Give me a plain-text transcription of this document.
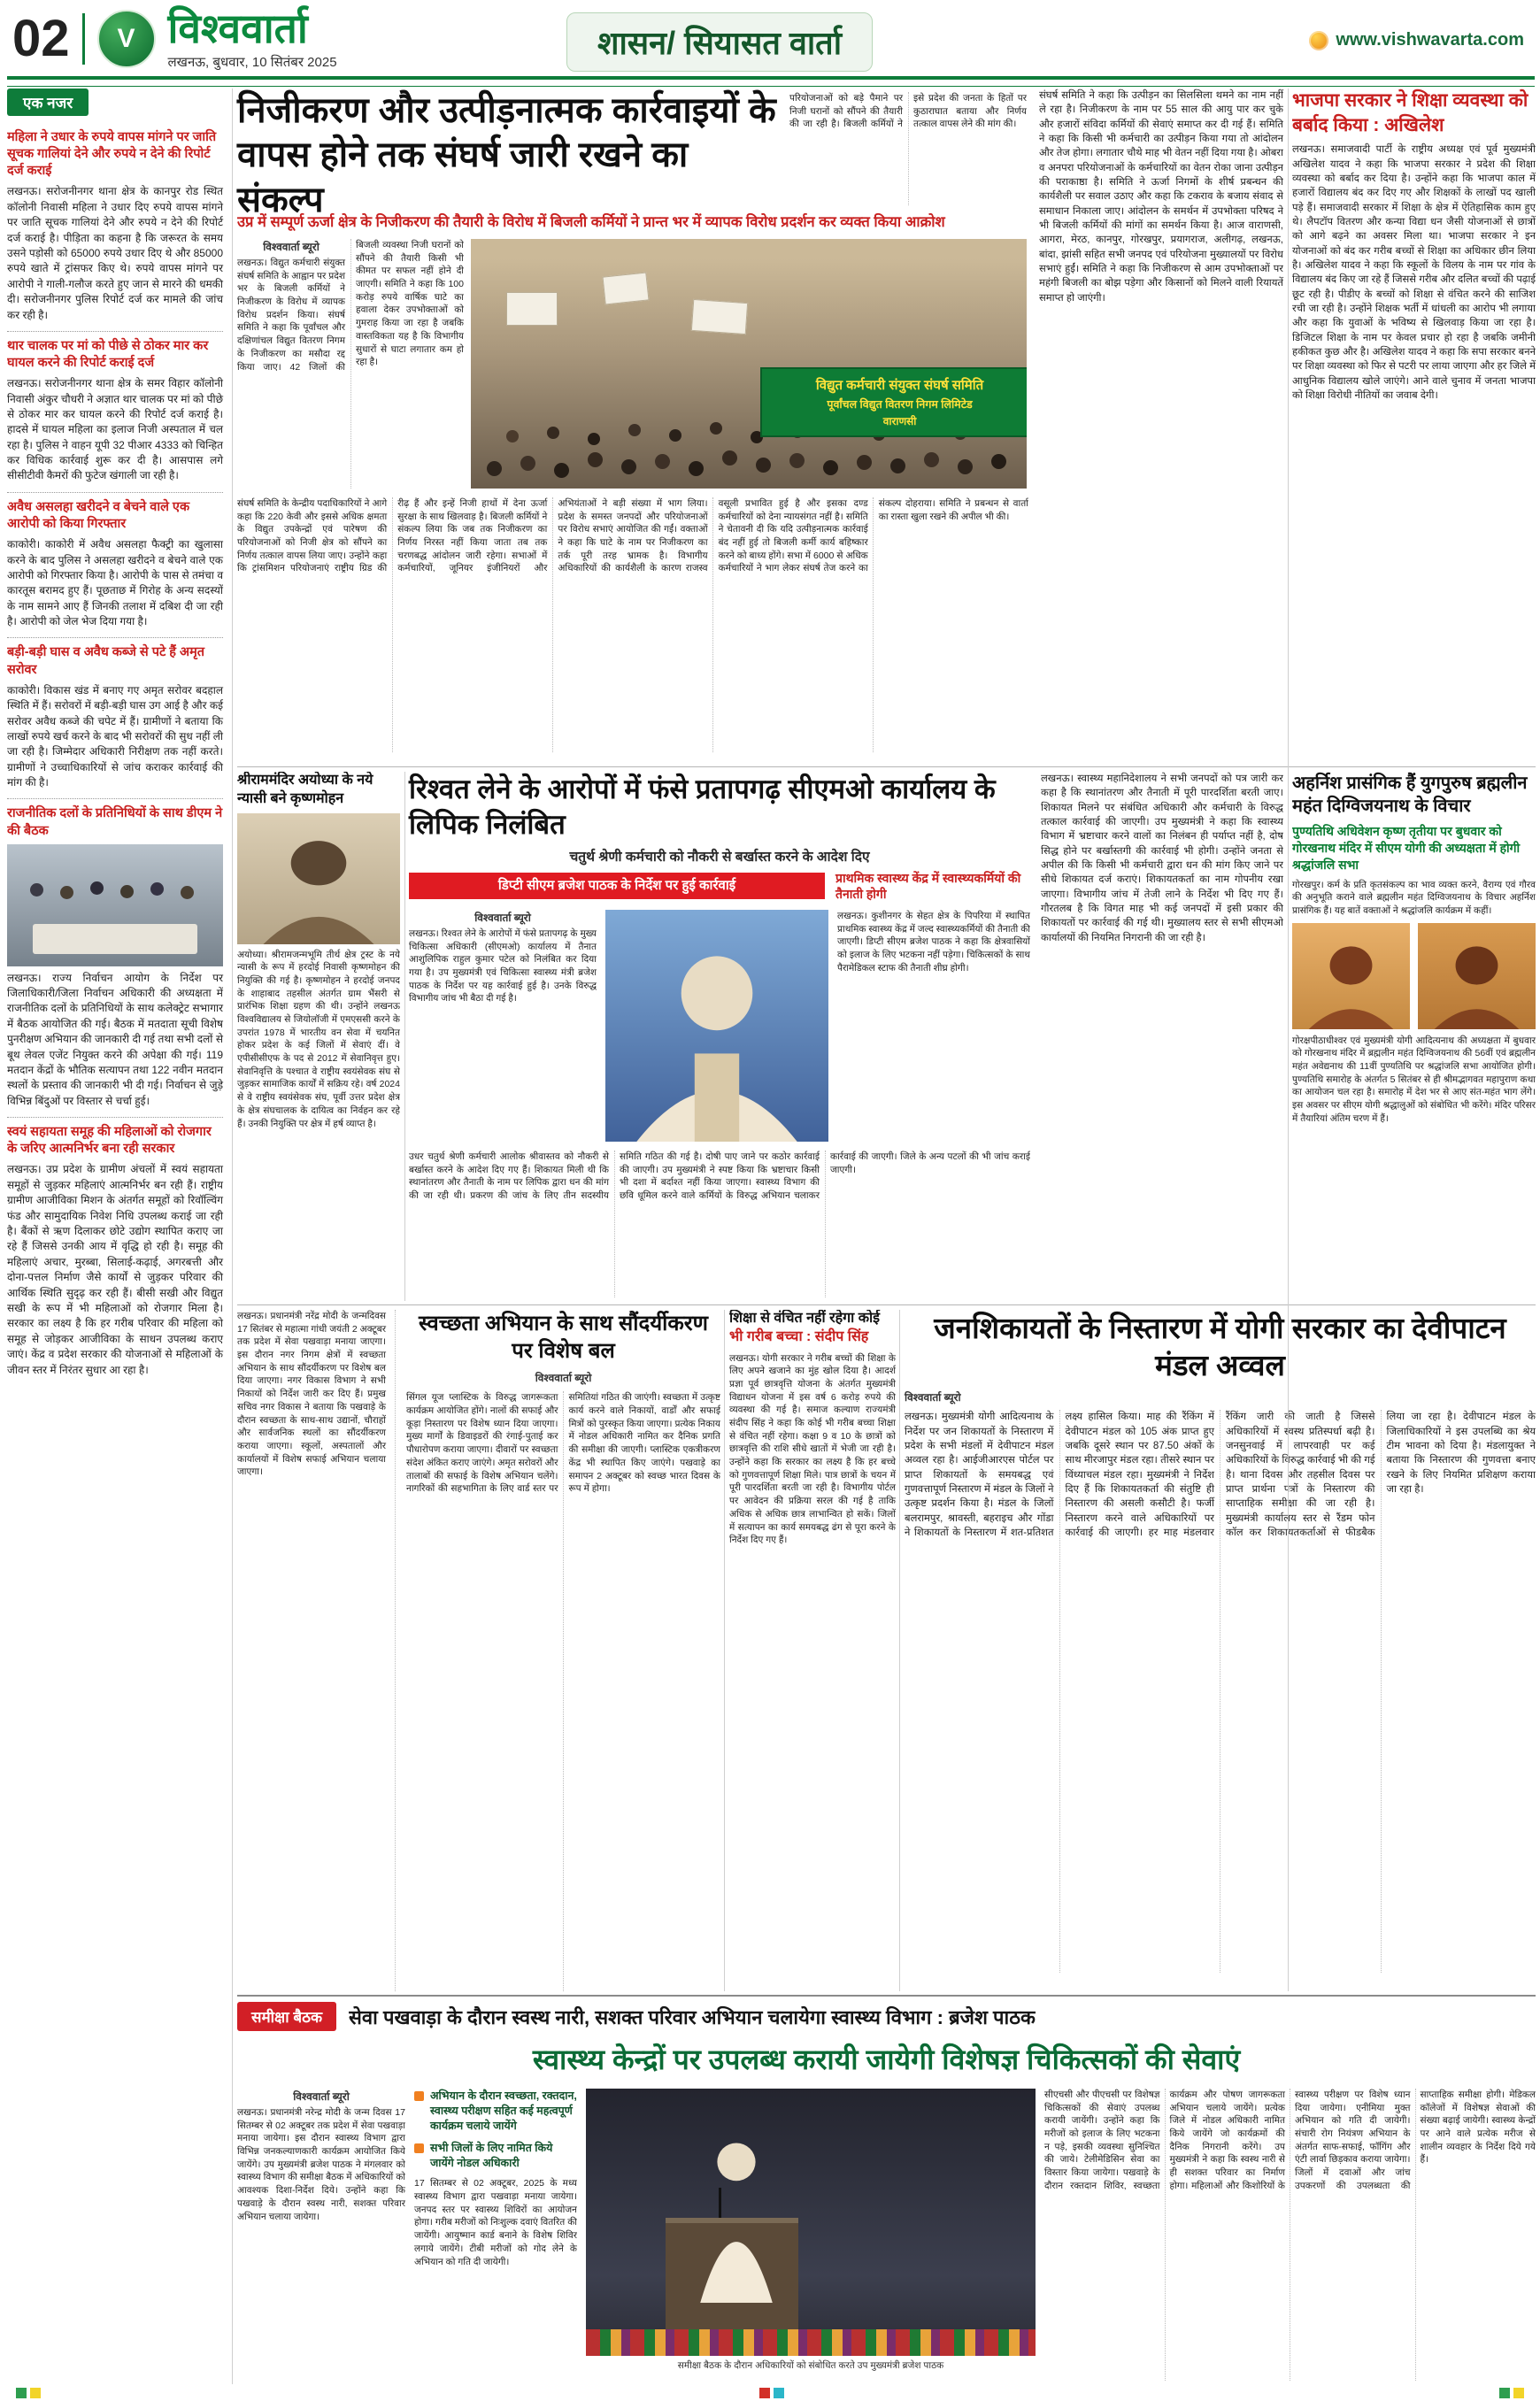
02	V विश्ववार्ता
लखनऊ, बुधवार, 10 सितंबर 2025
शासन/ सियासत वार्ता	www.vishwavarta.com
एक नजर
महिला ने उधार के रुपये वापस मांगने पर जाति सूचक गालियां देने और रुपये न देने की रिपोर्ट दर्ज कराई
लखनऊ। सरोजनीनगर थाना क्षेत्र के कानपुर रोड स्थित कॉलोनी निवासी महिला ने उधार दिए रुपये वापस मांगने पर जाति सूचक गालियां देने और रुपये न देने की रिपोर्ट दर्ज कराई है। पीड़िता का कहना है कि जरूरत के समय उसने पड़ोसी को 65000 रुपये उधार दिए थे और 85000 रुपये खाते में ट्रांसफर किए थे। रुपये वापस मांगने पर आरोपी ने गाली-गलौज करते हुए जान से मारने की धमकी दी। सरोजनीनगर पुलिस रिपोर्ट दर्ज कर मामले की जांच कर रही है।
थार चालक पर मां को पीछे से ठोकर मार कर घायल करने की रिपोर्ट कराई दर्ज
लखनऊ। सरोजनीनगर थाना क्षेत्र के समर विहार कॉलोनी निवासी अंकुर चौधरी ने अज्ञात थार चालक पर मां को पीछे से ठोकर मार कर घायल करने की रिपोर्ट दर्ज कराई है। हादसे में घायल महिला का इलाज निजी अस्पताल में चल रहा है। पुलिस ने वाहन यूपी 32 पीआर 4333 को चिन्हित कर विधिक कार्रवाई शुरू कर दी है। आसपास लगे सीसीटीवी कैमरों की फुटेज खंगाली जा रही है।
अवैध असलहा खरीदने व बेचने वाले एक आरोपी को किया गिरफ्तार
काकोरी। काकोरी में अवैध असलहा फैक्ट्री का खुलासा करने के बाद पुलिस ने असलहा खरीदने व बेचने वाले एक आरोपी को गिरफ्तार किया है। आरोपी के पास से तमंचा व कारतूस बरामद हुए हैं। पूछताछ में गिरोह के अन्य सदस्यों के नाम सामने आए हैं जिनकी तलाश में दबिश दी जा रही है। आरोपी को जेल भेज दिया गया है।
बड़ी-बड़ी घास व अवैध कब्जे से पटे हैं अमृत सरोवर
काकोरी। विकास खंड में बनाए गए अमृत सरोवर बदहाल स्थिति में हैं। सरोवरों में बड़ी-बड़ी घास उग आई है और कई सरोवर अवैध कब्जे की चपेट में हैं। ग्रामीणों ने बताया कि लाखों रुपये खर्च करने के बाद भी सरोवरों की सुध नहीं ली जा रही है। जिम्मेदार अधिकारी निरीक्षण तक नहीं करते। ग्रामीणों ने उच्चाधिकारियों से जांच कराकर कार्रवाई की मांग की है।
राजनीतिक दलों के प्रतिनिधियों के साथ डीएम ने की बैठक
लखनऊ। राज्य निर्वाचन आयोग के निर्देश पर जिलाधिकारी/जिला निर्वाचन अधिकारी की अध्यक्षता में राजनीतिक दलों के प्रतिनिधियों के साथ कलेक्ट्रेट सभागार में बैठक आयोजित की गई। बैठक में मतदाता सूची विशेष पुनरीक्षण अभियान की जानकारी दी गई तथा सभी दलों से बूथ लेवल एजेंट नियुक्त करने की अपेक्षा की गई। 119 मतदान केंद्रों के भौतिक सत्यापन तथा 122 नवीन मतदान स्थलों के प्रस्ताव की जानकारी भी दी गई। निर्वाचन से जुड़े विभिन्न बिंदुओं पर विस्तार से चर्चा हुई।
स्वयं सहायता समूह की महिलाओं को रोजगार के जरिए आत्मनिर्भर बना रही सरकार
लखनऊ। उप्र प्रदेश के ग्रामीण अंचलों में स्वयं सहायता समूहों से जुड़कर महिलाएं आत्मनिर्भर बन रही हैं। राष्ट्रीय ग्रामीण आजीविका मिशन के अंतर्गत समूहों को रिवॉल्विंग फंड और सामुदायिक निवेश निधि उपलब्ध कराई जा रही है। बैंकों से ऋण दिलाकर छोटे उद्योग स्थापित कराए जा रहे हैं जिससे उनकी आय में वृद्धि हो रही है। समूह की महिलाएं अचार, मुरब्बा, सिलाई-कढ़ाई, अगरबत्ती और दोना-पत्तल निर्माण जैसे कार्यों से जुड़कर परिवार की आर्थिक स्थिति सुदृढ़ कर रही हैं। बीसी सखी और विद्युत सखी के रूप में भी महिलाओं को रोजगार मिला है। सरकार का लक्ष्य है कि हर गरीब परिवार की महिला को समूह से जोड़कर आजीविका के साधन उपलब्ध कराए जाएं। केंद्र व प्रदेश सरकार की योजनाओं से महिलाओं के जीवन स्तर में निरंतर सुधार आ रहा है।
निजीकरण और उत्पीड़नात्मक कार्रवाइयों के वापस होने तक संघर्ष जारी रखने का संकल्प
परियोजनाओं को बड़े पैमाने पर निजी घरानों को सौंपने की तैयारी की जा रही है। बिजली कर्मियों ने इसे प्रदेश की जनता के हितों पर कुठाराघात बताया और निर्णय तत्काल वापस लेने की मांग की।
संघर्ष समिति ने कहा कि उत्पीड़न का सिलसिला थमने का नाम नहीं ले रहा है। निजीकरण के नाम पर 55 साल की आयु पार कर चुके और हजारों संविदा कर्मियों की सेवाएं समाप्त कर दी गई हैं। समिति ने कहा कि किसी भी कर्मचारी का उत्पीड़न किया गया तो आंदोलन और तेज होगा। लगातार चौथे माह भी वेतन नहीं दिया गया है। ओबरा व अनपरा परियोजनाओं के कर्मचारियों का वेतन रोका जाना उत्पीड़न की पराकाष्ठा है। समिति ने ऊर्जा निगमों के शीर्ष प्रबन्धन की कार्यशैली पर सवाल उठाए और कहा कि टकराव के बजाय संवाद से समाधान निकाला जाए। आंदोलन के समर्थन में उपभोक्ता परिषद ने भी बिजली कर्मियों की मांगों का समर्थन किया है। आज वाराणसी, आगरा, मेरठ, कानपुर, गोरखपुर, प्रयागराज, अलीगढ़, लखनऊ, बांदा, झांसी सहित सभी जनपद एवं परियोजना मुख्यालयों पर विरोध सभाएं हुईं। समिति ने कहा कि निजीकरण से आम उपभोक्ताओं पर महंगी बिजली का बोझ पड़ेगा और किसानों को मिलने वाली रियायतें समाप्त हो जाएंगी।
उप्र में सम्पूर्ण ऊर्जा क्षेत्र के निजीकरण की तैयारी के विरोध में बिजली कर्मियों ने प्रान्त भर में व्यापक विरोध प्रदर्शन कर व्यक्त किया आक्रोश
विश्ववार्ता ब्यूरो
लखनऊ। विद्युत कर्मचारी संयुक्त संघर्ष समिति के आह्वान पर प्रदेश भर के बिजली कर्मियों ने निजीकरण के विरोध में व्यापक विरोध प्रदर्शन किया। संघर्ष समिति ने कहा कि पूर्वांचल और दक्षिणांचल विद्युत वितरण निगम के निजीकरण का मसौदा रद्द किया जाए। 42 जिलों की बिजली व्यवस्था निजी घरानों को सौंपने की तैयारी किसी भी कीमत पर सफल नहीं होने दी जाएगी। समिति ने कहा कि 100 करोड़ रुपये वार्षिक घाटे का हवाला देकर उपभोक्ताओं को गुमराह किया जा रहा है जबकि वास्तविकता यह है कि विभागीय सुधारों से घाटा लगातार कम हो रहा है।
विद्युत कर्मचारी संयुक्त संघर्ष समिति
पूर्वांचल विद्युत वितरण निगम लिमिटेड
वाराणसी
संघर्ष समिति के केन्द्रीय पदाधिकारियों ने आगे कहा कि 220 केवी और इससे अधिक क्षमता के विद्युत उपकेन्द्रों एवं पारेषण की परियोजनाओं को निजी क्षेत्र को सौंपने का निर्णय तत्काल वापस लिया जाए। उन्होंने कहा कि ट्रांसमिशन परियोजनाएं राष्ट्रीय ग्रिड की रीढ़ हैं और इन्हें निजी हाथों में देना ऊर्जा सुरक्षा के साथ खिलवाड़ है। बिजली कर्मियों ने संकल्प लिया कि जब तक निजीकरण का निर्णय निरस्त नहीं किया जाता तब तक चरणबद्ध आंदोलन जारी रहेगा। सभाओं में कर्मचारियों, जूनियर इंजीनियरों और अभियंताओं ने बड़ी संख्या में भाग लिया। प्रदेश के समस्त जनपदों और परियोजनाओं पर विरोध सभाएं आयोजित की गईं। वक्ताओं ने कहा कि घाटे के नाम पर निजीकरण का तर्क पूरी तरह भ्रामक है। विभागीय अधिकारियों की कार्यशैली के कारण राजस्व वसूली प्रभावित हुई है और इसका दण्ड कर्मचारियों को देना न्यायसंगत नहीं है। समिति ने चेतावनी दी कि यदि उत्पीड़नात्मक कार्रवाई बंद नहीं हुई तो बिजली कर्मी कार्य बहिष्कार करने को बाध्य होंगे। सभा में 6000 से अधिक कर्मचारियों ने भाग लेकर संघर्ष तेज करने का संकल्प दोहराया। समिति ने प्रबन्धन से वार्ता का रास्ता खुला रखने की अपील भी की।
भाजपा सरकार ने शिक्षा व्यवस्था को बर्बाद किया : अखिलेश
लखनऊ। समाजवादी पार्टी के राष्ट्रीय अध्यक्ष एवं पूर्व मुख्यमंत्री अखिलेश यादव ने कहा कि भाजपा सरकार ने प्रदेश की शिक्षा व्यवस्था को बर्बाद कर दिया है। उन्होंने कहा कि भाजपा काल में हजारों विद्यालय बंद कर दिए गए और शिक्षकों के लाखों पद खाली पड़े हैं। समाजवादी सरकार में शिक्षा के क्षेत्र में ऐतिहासिक काम हुए थे। लैपटॉप वितरण और कन्या विद्या धन जैसी योजनाओं से छात्रों को आगे बढ़ने का अवसर मिला था। भाजपा सरकार ने इन योजनाओं को बंद कर गरीब बच्चों से शिक्षा का अधिकार छीन लिया है। अखिलेश यादव ने कहा कि स्कूलों के विलय के नाम पर गांव के विद्यालय बंद किए जा रहे हैं जिससे गरीब और दलित बच्चों की पढ़ाई छूट रही है। पीडीए के बच्चों को शिक्षा से वंचित करने की साजिश रची जा रही है। उन्होंने शिक्षक भर्ती में धांधली का आरोप भी लगाया और कहा कि युवाओं के भविष्य से खिलवाड़ किया जा रहा है। डिजिटल शिक्षा के नाम पर केवल प्रचार हो रहा है जबकि जमीनी हकीकत कुछ और है। अखिलेश यादव ने कहा कि सपा सरकार बनने पर शिक्षा व्यवस्था को फिर से पटरी पर लाया जाएगा और हर जिले में आधुनिक विद्यालय खोले जाएंगे। आने वाले चुनाव में जनता भाजपा को शिक्षा विरोधी नीतियों का जवाब देगी।
श्रीराममंदिर अयोध्या के नये न्यासी बने कृष्णमोहन
अयोध्या। श्रीरामजन्मभूमि तीर्थ क्षेत्र ट्रस्ट के नये न्यासी के रूप में हरदोई निवासी कृष्णमोहन की नियुक्ति की गई है। कृष्णमोहन ने हरदोई जनपद के शाहाबाद तहसील अंतर्गत ग्राम भैंसरी से प्रारंभिक शिक्षा ग्रहण की थी। उन्होंने लखनऊ विश्वविद्यालय से जियोलॉजी में एमएससी करने के उपरांत 1978 में भारतीय वन सेवा में चयनित होकर प्रदेश के कई जिलों में सेवाएं दीं। वे एपीसीसीएफ के पद से 2012 में सेवानिवृत्त हुए। सेवानिवृत्ति के पश्चात वे राष्ट्रीय स्वयंसेवक संघ से जुड़कर सामाजिक कार्यों में सक्रिय रहे। वर्ष 2024 से वे राष्ट्रीय स्वयंसेवक संघ, पूर्वी उत्तर प्रदेश क्षेत्र के क्षेत्र संघचालक के दायित्व का निर्वहन कर रहे हैं। उनकी नियुक्ति पर क्षेत्र में हर्ष व्याप्त है।
रिश्वत लेने के आरोपों में फंसे प्रतापगढ़ सीएमओ कार्यालय के लिपिक निलंबित
लखनऊ। स्वास्थ्य महानिदेशालय ने सभी जनपदों को पत्र जारी कर कहा है कि स्थानांतरण और तैनाती में पूरी पारदर्शिता बरती जाए। शिकायत मिलने पर संबंधित अधिकारी और कर्मचारी के विरुद्ध तत्काल कार्रवाई की जाएगी। उप मुख्यमंत्री ने कहा कि स्वास्थ्य विभाग में भ्रष्टाचार करने वालों का निलंबन ही पर्याप्त नहीं है, दोष सिद्ध होने पर बर्खास्तगी की कार्रवाई भी होगी। उन्होंने जनता से अपील की कि किसी भी कर्मचारी द्वारा धन की मांग किए जाने पर सीधे शिकायत दर्ज कराएं। शिकायतकर्ता का नाम गोपनीय रखा जाएगा। विभागीय जांच में तेजी लाने के निर्देश भी दिए गए हैं। गौरतलब है कि विगत माह भी कई जनपदों में इसी प्रकार की शिकायतों पर कार्रवाई की गई थी। मुख्यालय स्तर से सभी सीएमओ कार्यालयों की नियमित निगरानी की जा रही है।
चतुर्थ श्रेणी कर्मचारी को नौकरी से बर्खास्त करने के आदेश दिए
डिप्टी सीएम ब्रजेश पाठक के निर्देश पर हुई कार्रवाई	प्राथमिक स्वास्थ्य केंद्र में स्वास्थ्यकर्मियों की तैनाती होगी
विश्ववार्ता ब्यूरो
लखनऊ। रिश्वत लेने के आरोपों में फंसे प्रतापगढ़ के मुख्य चिकित्सा अधिकारी (सीएमओ) कार्यालय में तैनात आशुलिपिक राहुल कुमार पटेल को निलंबित कर दिया गया है। उप मुख्यमंत्री एवं चिकित्सा स्वास्थ्य मंत्री ब्रजेश पाठक के निर्देश पर यह कार्रवाई हुई है। उनके विरुद्ध विभागीय जांच भी बैठा दी गई है।
लखनऊ। कुशीनगर के सेहत क्षेत्र के पिपरिया में स्थापित प्राथमिक स्वास्थ्य केंद्र में जल्द स्वास्थ्यकर्मियों की तैनाती की जाएगी। डिप्टी सीएम ब्रजेश पाठक ने कहा कि क्षेत्रवासियों को इलाज के लिए भटकना नहीं पड़ेगा। चिकित्सकों के साथ पैरामेडिकल स्टाफ की तैनाती शीघ्र होगी।
उधर चतुर्थ श्रेणी कर्मचारी आलोक श्रीवास्तव को नौकरी से बर्खास्त करने के आदेश दिए गए हैं। शिकायत मिली थी कि स्थानांतरण और तैनाती के नाम पर लिपिक द्वारा धन की मांग की जा रही थी। प्रकरण की जांच के लिए तीन सदस्यीय समिति गठित की गई है। दोषी पाए जाने पर कठोर कार्रवाई की जाएगी। उप मुख्यमंत्री ने स्पष्ट किया कि भ्रष्टाचार किसी भी दशा में बर्दाश्त नहीं किया जाएगा। स्वास्थ्य विभाग की छवि धूमिल करने वाले कर्मियों के विरुद्ध अभियान चलाकर कार्रवाई की जाएगी। जिले के अन्य पटलों की भी जांच कराई जाएगी।
अहर्निश प्रासंगिक हैं युगपुरुष ब्रह्मलीन महंत दिग्विजयनाथ के विचार
पुण्यतिथि अधिवेशन कृष्ण तृतीया पर बुधवार को गोरखनाथ मंदिर में सीएम योगी की अध्यक्षता में होगी श्रद्धांजलि सभा
गोरखपुर। कर्म के प्रति कृतसंकल्प का भाव व्यक्त करने, वैराग्य एवं गौरव की अनुभूति कराने वाले ब्रह्मलीन महंत दिग्विजयनाथ के विचार अहर्निश प्रासंगिक हैं। यह बातें वक्ताओं ने श्रद्धांजलि कार्यक्रम में कहीं।
गोरक्षपीठाधीश्वर एवं मुख्यमंत्री योगी आदित्यनाथ की अध्यक्षता में बुधवार को गोरखनाथ मंदिर में ब्रह्मलीन महंत दिग्विजयनाथ की 56वीं एवं ब्रह्मलीन महंत अवेद्यनाथ की 11वीं पुण्यतिथि पर श्रद्धांजलि सभा आयोजित होगी। पुण्यतिथि समारोह के अंतर्गत 5 सितंबर से ही श्रीमद्भागवत महापुराण कथा का आयोजन चल रहा है। समारोह में देश भर से आए संत-महंत भाग लेंगे। इस अवसर पर सीएम योगी श्रद्धालुओं को संबोधित भी करेंगे। मंदिर परिसर में तैयारियां अंतिम चरण में हैं।
लखनऊ। प्रधानमंत्री नरेंद्र मोदी के जन्मदिवस 17 सितंबर से महात्मा गांधी जयंती 2 अक्टूबर तक प्रदेश में सेवा पखवाड़ा मनाया जाएगा। इस दौरान नगर निगम क्षेत्रों में स्वच्छता अभियान के साथ सौंदर्यीकरण पर विशेष बल दिया जाएगा। नगर विकास विभाग ने सभी निकायों को निर्देश जारी कर दिए हैं। प्रमुख सचिव नगर विकास ने बताया कि पखवाड़े के दौरान स्वच्छता के साथ-साथ उद्यानों, चौराहों और सार्वजनिक स्थलों का सौंदर्यीकरण कराया जाएगा। स्कूलों, अस्पतालों और कार्यालयों में विशेष सफाई अभियान चलाया जाएगा।
स्वच्छता अभियान के साथ सौंदर्यीकरण पर विशेष बल
विश्ववार्ता ब्यूरो
सिंगल यूज प्लास्टिक के विरुद्ध जागरूकता कार्यक्रम आयोजित होंगे। नालों की सफाई और कूड़ा निस्तारण पर विशेष ध्यान दिया जाएगा। मुख्य मार्गों के डिवाइडरों की रंगाई-पुताई कर पौधारोपण कराया जाएगा। दीवारों पर स्वच्छता संदेश अंकित कराए जाएंगे। अमृत सरोवरों और तालाबों की सफाई के विशेष अभियान चलेंगे। नागरिकों की सहभागिता के लिए वार्ड स्तर पर समितियां गठित की जाएंगी। स्वच्छता में उत्कृष्ट कार्य करने वाले निकायों, वार्डों और सफाई मित्रों को पुरस्कृत किया जाएगा। प्रत्येक निकाय में नोडल अधिकारी नामित कर दैनिक प्रगति की समीक्षा की जाएगी। प्लास्टिक एकत्रीकरण केंद्र भी स्थापित किए जाएंगे। पखवाड़े का समापन 2 अक्टूबर को स्वच्छ भारत दिवस के रूप में होगा।
शिक्षा से वंचित नहीं रहेगा कोई
भी गरीब बच्चा : संदीप सिंह
लखनऊ। योगी सरकार ने गरीब बच्चों की शिक्षा के लिए अपने खजाने का मुंह खोल दिया है। आदर्श प्रज्ञा पूर्व छात्रवृत्ति योजना के अंतर्गत मुख्यमंत्री विद्याधन योजना में इस वर्ष 6 करोड़ रुपये की व्यवस्था की गई है। समाज कल्याण राज्यमंत्री संदीप सिंह ने कहा कि कोई भी गरीब बच्चा शिक्षा से वंचित नहीं रहेगा। कक्षा 9 व 10 के छात्रों को छात्रवृत्ति की राशि सीधे खातों में भेजी जा रही है। उन्होंने कहा कि सरकार का लक्ष्य है कि हर बच्चे को गुणवत्तापूर्ण शिक्षा मिले। पात्र छात्रों के चयन में पूरी पारदर्शिता बरती जा रही है। विभागीय पोर्टल पर आवेदन की प्रक्रिया सरल की गई है ताकि अधिक से अधिक छात्र लाभान्वित हो सकें। जिलों में सत्यापन का कार्य समयबद्ध ढंग से पूरा करने के निर्देश दिए गए हैं।
जनशिकायतों के निस्तारण में योगी सरकार का देवीपाटन मंडल अव्वल
विश्ववार्ता ब्यूरो
लखनऊ। मुख्यमंत्री योगी आदित्यनाथ के निर्देश पर जन शिकायतों के निस्तारण में प्रदेश के सभी मंडलों में देवीपाटन मंडल अव्वल रहा है। आईजीआरएस पोर्टल पर प्राप्त शिकायतों के समयबद्ध एवं गुणवत्तापूर्ण निस्तारण में मंडल के जिलों ने उत्कृष्ट प्रदर्शन किया है। मंडल के जिलों बलरामपुर, श्रावस्ती, बहराइच और गोंडा ने शिकायतों के निस्तारण में शत-प्रतिशत लक्ष्य हासिल किया। माह की रैंकिंग में देवीपाटन मंडल को 105 अंक प्राप्त हुए जबकि दूसरे स्थान पर 87.50 अंकों के साथ मीरजापुर मंडल रहा। तीसरे स्थान पर विंध्याचल मंडल रहा। मुख्यमंत्री ने निर्देश दिए हैं कि शिकायतकर्ता की संतुष्टि ही निस्तारण की असली कसौटी है। फर्जी निस्तारण करने वाले अधिकारियों पर कार्रवाई की जाएगी। हर माह मंडलवार रैंकिंग जारी की जाती है जिससे अधिकारियों में स्वस्थ प्रतिस्पर्धा बढ़ी है। जनसुनवाई में लापरवाही पर कई अधिकारियों के विरुद्ध कार्रवाई भी की गई है। थाना दिवस और तहसील दिवस पर प्राप्त प्रार्थना पत्रों के निस्तारण की साप्ताहिक समीक्षा की जा रही है। मुख्यमंत्री कार्यालय स्तर से रैंडम फोन कॉल कर शिकायतकर्ताओं से फीडबैक लिया जा रहा है। देवीपाटन मंडल के जिलाधिकारियों ने इस उपलब्धि का श्रेय टीम भावना को दिया है। मंडलायुक्त ने बताया कि निस्तारण की गुणवत्ता बनाए रखने के लिए नियमित प्रशिक्षण कराया जा रहा है।
समीक्षा बैठक	सेवा पखवाड़ा के दौरान स्वस्थ नारी, सशक्त परिवार अभियान चलायेगा स्वास्थ्य विभाग : ब्रजेश पाठक
स्वास्थ्य केन्द्रों पर उपलब्ध करायी जायेगी विशेषज्ञ चिकित्सकों की सेवाएं
विश्ववार्ता ब्यूरो
लखनऊ। प्रधानमंत्री नरेन्द्र मोदी के जन्म दिवस 17 सितम्बर से 02 अक्टूबर तक प्रदेश में सेवा पखवाड़ा मनाया जायेगा। इस दौरान स्वास्थ्य विभाग द्वारा विभिन्न जनकल्याणकारी कार्यक्रम आयोजित किये जायेंगे। उप मुख्यमंत्री ब्रजेश पाठक ने मंगलवार को स्वास्थ्य विभाग की समीक्षा बैठक में अधिकारियों को आवश्यक दिशा-नि‍र्देश दिये। उन्होंने कहा कि पखवाड़े के दौरान स्वस्थ नारी, सशक्त परिवार अभियान चलाया जायेगा।
अभियान के दौरान स्वच्छता, रक्तदान, स्वास्थ्य परीक्षण सहित कई महत्वपूर्ण कार्यक्रम चलाये जायेंगे
सभी जिलों के लिए नामित किये जायेंगे नोडल अधिकारी
17 सितम्बर से 02 अक्टूबर, 2025 के मध्य स्वास्थ्य विभाग द्वारा पखवाड़ा मनाया जायेगा। जनपद स्तर पर स्वास्थ्य शिविरों का आयोजन होगा। गरीब मरीजों को निःशुल्क दवाएं वितरित की जायेंगी। आयुष्मान कार्ड बनाने के विशेष शिविर लगाये जायेंगे। टीबी मरीजों को गोद लेने के अभियान को गति दी जायेगी।
समीक्षा बैठक के दौरान अधिकारियों को संबोधित करते उप मुख्यमंत्री ब्रजेश पाठक
सीएचसी और पीएचसी पर विशेषज्ञ चिकित्सकों की सेवाएं उपलब्ध करायी जायेंगी। उन्होंने कहा कि मरीजों को इलाज के लिए भटकना न पड़े, इसकी व्यवस्था सुनिश्चित की जाये। टेलीमेडिसिन सेवा का विस्तार किया जायेगा। पखवाड़े के दौरान रक्तदान शिविर, स्वच्छता कार्यक्रम और पोषण जागरूकता अभियान चलाये जायेंगे। प्रत्येक जिले में नोडल अधिकारी नामित किये जायेंगे जो कार्यक्रमों की दैनिक निगरानी करेंगे। उप मुख्यमंत्री ने कहा कि स्वस्थ नारी से ही सशक्त परिवार का निर्माण होगा। महिलाओं और किशोरियों के स्वास्थ्य परीक्षण पर विशेष ध्यान दिया जायेगा। एनीमिया मुक्त अभियान को गति दी जायेगी। संचारी रोग नियंत्रण अभियान के अंतर्गत साफ-सफाई, फॉगिंग और एंटी लार्वा छिड़काव कराया जायेगा। जिलों में दवाओं और जांच उपकरणों की उपलब्धता की साप्ताहिक समीक्षा होगी। मेडिकल कॉलेजों में विशेषज्ञ सेवाओं की संख्या बढ़ाई जायेगी। स्वास्थ्य केन्द्रों पर आने वाले प्रत्येक मरीज से शालीन व्यवहार के निर्देश दिये गये हैं।
